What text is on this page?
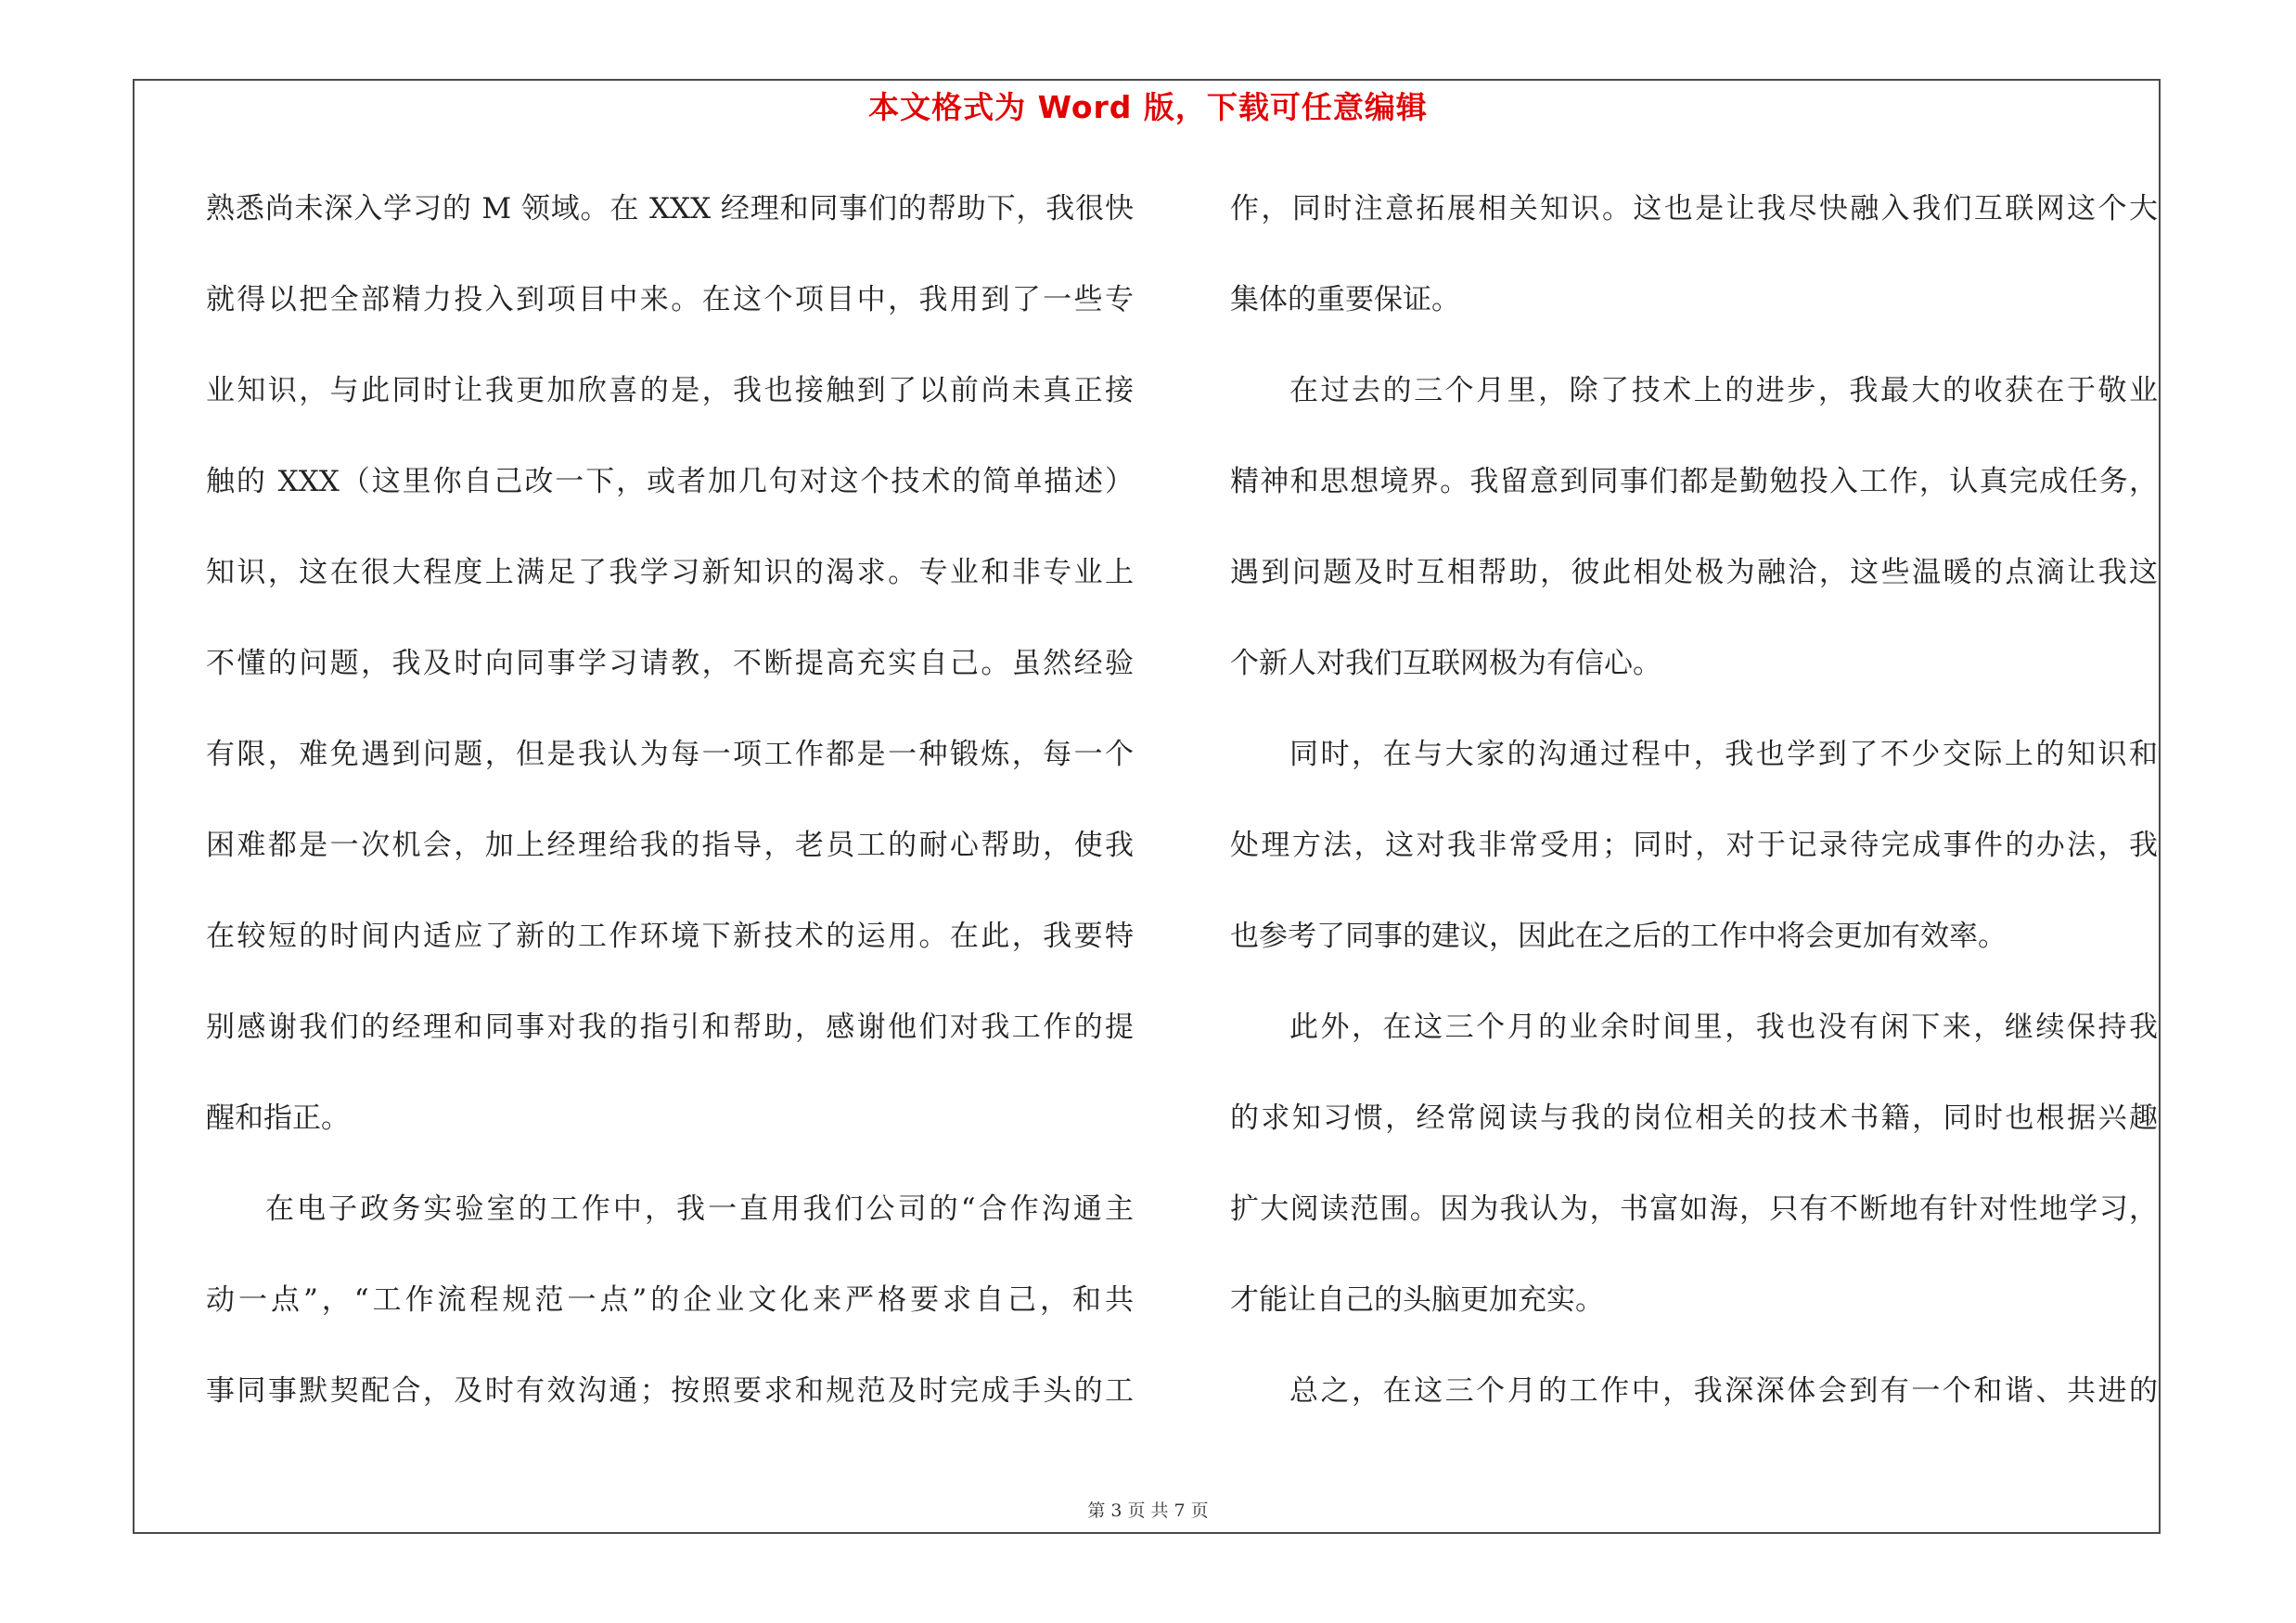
本文格式为 Word 版，下载可任意编辑
熟悉尚未深入学习的 M 领域。在 XXX 经理和同事们的帮助下，我很快
就得以把全部精力投入到项目中来。在这个项目中，我用到了一些专
业知识，与此同时让我更加欣喜的是，我也接触到了以前尚未真正接
触的 XXX（这里你自己改一下，或者加几句对这个技术的简单描述）
知识，这在很大程度上满足了我学习新知识的渴求。专业和非专业上
不懂的问题，我及时向同事学习请教，不断提高充实自己。虽然经验
有限，难免遇到问题，但是我认为每一项工作都是一种锻炼，每一个
困难都是一次机会，加上经理给我的指导，老员工的耐心帮助，使我
在较短的时间内适应了新的工作环境下新技术的运用。在此，我要特
别感谢我们的经理和同事对我的指引和帮助，感谢他们对我工作的提
醒和指正。
在电子政务实验室的工作中，我一直用我们公司的“合作沟通主
动一点”，“工作流程规范一点”的企业文化来严格要求自己，和共
事同事默契配合，及时有效沟通；按照要求和规范及时完成手头的工
作，同时注意拓展相关知识。这也是让我尽快融入我们互联网这个大
集体的重要保证。
在过去的三个月里，除了技术上的进步，我最大的收获在于敬业
精神和思想境界。我留意到同事们都是勤勉投入工作，认真完成任务，
遇到问题及时互相帮助，彼此相处极为融洽，这些温暖的点滴让我这
个新人对我们互联网极为有信心。
同时，在与大家的沟通过程中，我也学到了不少交际上的知识和
处理方法，这对我非常受用；同时，对于记录待完成事件的办法，我
也参考了同事的建议，因此在之后的工作中将会更加有效率。
此外，在这三个月的业余时间里，我也没有闲下来，继续保持我
的求知习惯，经常阅读与我的岗位相关的技术书籍，同时也根据兴趣
扩大阅读范围。因为我认为，书富如海，只有不断地有针对性地学习，
才能让自己的头脑更加充实。
总之，在这三个月的工作中，我深深体会到有一个和谐、共进的
第 3 页 共 7 页
